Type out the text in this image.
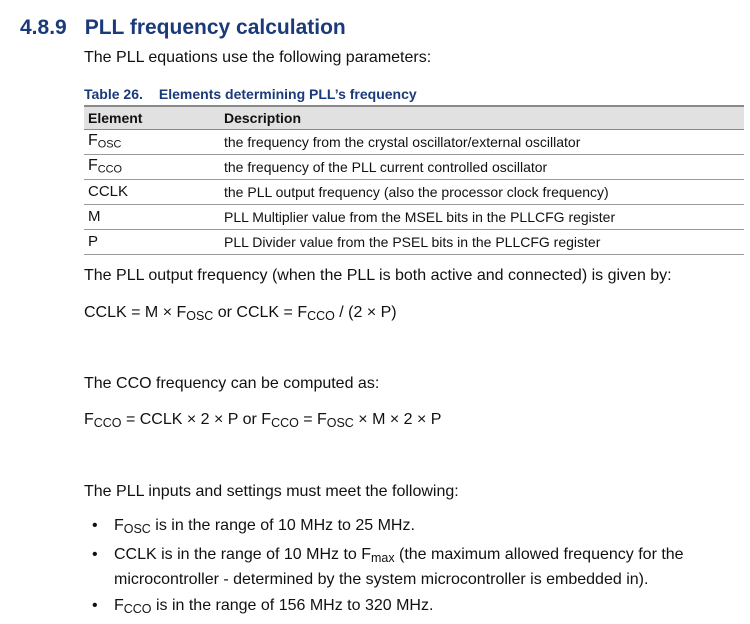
4.8.9 PLL frequency calculation

The PLL equations use the following parameters:

Table 26. Elements determining PLL’s frequency
Element	Description
$F_{OSC}$	the frequency from the crystal oscillator/external oscillator
$F_{CCO}$	the frequency of the PLL current controlled oscillator
CCLK	the PLL output frequency (also the processor clock frequency)
M	PLL Multiplier value from the MSEL bits in the PLLCFG register
P	PLL Divider value from the PSEL bits in the PLLCFG register

The PLL output frequency (when the PLL is both active and connected) is given by:

CCLK = $M \times F_{OSC}$ or CCLK = $F_{CCO} / (2 \times P)$

The CCO frequency can be computed as:

$F_{CCO}$ = CCLK × 2 × P or $F_{CCO} = F_{OSC} \times M \times 2 \times P$

The PLL inputs and settings must meet the following:

• $F_{OSC}$ is in the range of 10 MHz to 25 MHz.
• CCLK is in the range of 10 MHz to $F_{max}$ (the maximum allowed frequency for the microcontroller - determined by the system microcontroller is embedded in).
• $F_{CCO}$ is in the range of 156 MHz to 320 MHz.
